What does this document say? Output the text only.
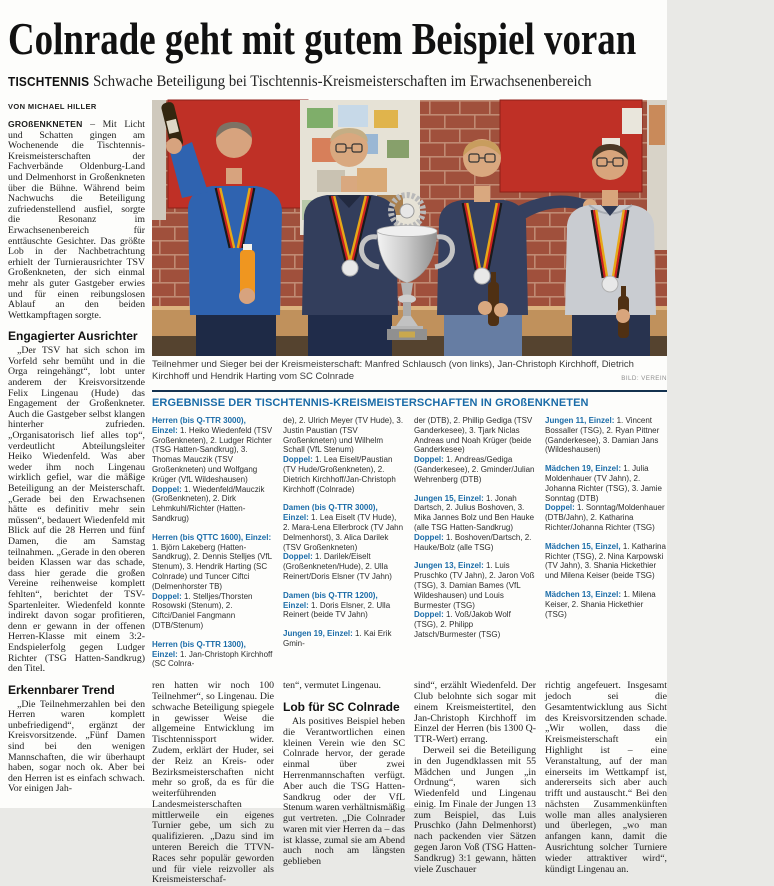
Colnrade geht mit gutem Beispiel voran TISCHTENNIS Schwache Beteiligung bei Tischtennis-Kreismeisterschaften im Erwachsenenbereich
VON MICHAEL HILLER

GROßENKNETEN – Mit Licht und Schatten gingen am Wochenende die Tischtennis-Kreismeisterschaften der Fachverbände Oldenburg-Land und Delmenhorst in Großenkneten über die Bühne. Während beim Nachwuchs die Beteiligung zufriedenstellend ausfiel, sorgte die Resonanz im Erwachsenenbereich für enttäuschte Gesichter. Das größte Lob in der Nachbetrachtung erhielt der Turnierausrichter TSV Großenkneten, der sich einmal mehr als guter Gastgeber erwies und für einen reibungslosen Ablauf an den beiden Wettkampftagen sorgte.

Engagierter Ausrichter

„Der TSV hat sich schon im Vorfeld sehr bemüht und in die Orga reingehängt“, lobt unter anderem der Kreisvorsitzende Felix Lingenau (Hude) das Engagement der Großenkneter. Auch die Gastgeber selbst klangen hinterher zufrieden. „Organisatorisch lief alles top“, verdeutlicht Abteilungsleiter Heiko Wiedenfeld. Was aber weder ihm noch Lingenau wirklich gefiel, war die mäßige Beteiligung an der Meisterschaft. „Gerade bei den Erwachsenen hätte es definitiv mehr sein müssen“, bedauert Wiedenfeld mit Blick auf die 28 Herren und fünf Damen, die am Samstag teilnahmen. „Gerade in den oberen beiden Klassen war das schade, dass hier gerade die großen Vereine reihenweise komplett fehlten“, berichtet der TSV-Spartenleiter. Wiedenfeld konnte indirekt davon sogar profitieren, denn er gewann in der offenen Herren-Klasse mit einem 3:2-Endspielerfolg gegen Ludger Richter (TSG Hatten-Sandkrug) den Titel.

Erkennbarer Trend

„Die Teilnehmerzahlen bei den Herren waren komplett unbefriedigend“, ergänzt der Kreisvorsitzende. „Fünf Damen sind bei den wenigen Mannschaften, die wir überhaupt haben, sogar noch ok. Aber bei den Herren ist es einfach schwach. Vor einigen Jah-

Teilnehmer und Sieger bei der Kreismeisterschaft: Manfred Schlausch (von links), Jan-Christoph Kirchhoff, Dietrich Kirchhoff und Hendrik Harting vom SC Colnrade	BILD: VEREIN
ERGEBNISSE DER TISCHTENNIS-KREISMEISTERSCHAFTEN IN GROßENKNETEN

Herren (bis Q-TTR 3000), Einzel: 1. Heiko Wiedenfeld (TSV Großenkneten), 2. Ludger Richter (TSG Hatten-Sandkrug), 3. Thomas Mauczik (TSV Großenkneten) und Wolfgang Krüger (VfL Wildeshausen)

Doppel: 1. Wiedenfeld/Mauczik (Großenkneten), 2. Dirk Lehmkuhl/Richter (Hatten-Sandkrug)

Herren (bis QTTC 1600), Einzel: 1. Björn Lakeberg (Hatten-Sandkrug), 2. Dennis Stelljes (VfL Stenum), 3. Hendrik Harting (SC Colnrade) und Tuncer Ciftci (Delmenhorster TB)

Doppel: 1. Stelljes/Thorsten Rosowski (Stenum), 2. Ciftci/Daniel Fangmann (DTB/Stenum)

Herren (bis Q-TTR 1300), Einzel: 1. Jan-Christoph Kirchhoff (SC Colnra-

de), 2. Ulrich Meyer (TV Hude), 3. Justin Paustian (TSV Großenkneten) und Wilhelm Schall (VfL Stenum)

Doppel: 1. Lea Eiselt/Paustian (TV Hude/Großenkneten), 2. Dietrich Kirchhoff/Jan-Christoph Kirchhoff (Colnrade)

Damen (bis Q-TTR 3000), Einzel: 1. Lea Eiselt (TV Hude), 2. Mara-Lena Ellerbrock (TV Jahn Delmenhorst), 3. Alica Darilek (TSV Großenkneten)

Doppel: 1. Darilek/Eiselt (Großenkneten/Hude), 2. Ulla Reinert/Doris Elsner (TV Jahn)

Damen (bis Q-TTR 1200), Einzel: 1. Doris Elsner, 2. Ulla Reinert (beide TV Jahn)

Jungen 19, Einzel: 1. Kai Erik Gmin-

der (DTB), 2. Phillip Gediga (TSV Ganderkesee), 3. Tjark Niclas Andreas und Noah Krüger (beide Ganderkesee)

Doppel: 1. Andreas/Gediga (Ganderkesee), 2. Gminder/Julian Wehrenberg (DTB)

Jungen 15, Einzel: 1. Jonah Dartsch, 2. Julius Boshoven, 3. Mika Jannes Bolz und Ben Hauke (alle TSG Hatten-Sandkrug)

Doppel: 1. Boshoven/Dartsch, 2. Hauke/Bolz (alle TSG)

Jungen 13, Einzel: 1. Luis Pruschko (TV Jahn), 2. Jaron Voß (TSG), 3. Damian Bames (VfL Wildeshausen) und Louis Burmester (TSG)

Doppel: 1. Voß/Jakob Wolf (TSG), 2. Philipp Jatsch/Burmester (TSG)

Jungen 11, Einzel: 1. Vincent Bossaller (TSG), 2. Ryan Pittner (Ganderkesee), 3. Damian Jans (Wildeshausen)

Mädchen 19, Einzel: 1. Julia Moldenhauer (TV Jahn), 2. Johanna Richter (TSG), 3. Jamie Sonntag (DTB)

Doppel: 1. Sonntag/Moldenhauer (DTB/Jahn), 2. Katharina Richter/Johanna Richter (TSG)

Mädchen 15, Einzel, 1. Katharina Richter (TSG), 2. Nina Karpowski (TV Jahn), 3. Shania Hickethier und Milena Keiser (beide TSG)

Mädchen 13, Einzel: 1. Milena Keiser, 2. Shania Hickethier (TSG)

ren hatten wir noch 100 Teilnehmer“, so Lingenau. Die schwache Beteiligung spiegele in gewisser Weise die allgemeine Entwicklung im Tischtennissport wider. Zudem, erklärt der Huder, sei der Reiz an Kreis- oder Bezirksmeisterschaften nicht mehr so groß, da es für die weiterführenden Landesmeisterschaften mittlerweile ein eigenes Turnier gebe, um sich zu qualifizieren. „Dazu sind im unteren Bereich die TTVN-Races sehr populär geworden und für viele reizvoller als Kreismeisterschaf-

ten“, vermutet Lingenau.

Lob für SC Colnrade

Als positives Beispiel heben die Verantwortlichen einen kleinen Verein wie den SC Colnrade hervor, der gerade einmal über zwei Herrenmannschaften verfügt. Aber auch die TSG Hatten-Sandkrug oder der VfL Stenum waren verhältnismäßig gut vertreten. „Die Colnrader waren mit vier Herren da – das ist klasse, zumal sie am Abend auch noch am längsten geblieben

sind“, erzählt Wiedenfeld. Der Club belohnte sich sogar mit einem Kreismeistertitel, den Jan-Christoph Kirchhoff im Einzel der Herren (bis 1300 Q-TTR-Wert) errang.

Derweil sei die Beteiligung in den Jugendklassen mit 55 Mädchen und Jungen „in Ordnung“, waren sich Wiedenfeld und Lingenau einig. Im Finale der Jungen 13 zum Beispiel, das Luis Pruschko (Jahn Delmenhorst) nach packenden vier Sätzen gegen Jaron Voß (TSG Hatten-Sandkrug) 3:1 gewann, hätten viele Zuschauer

richtig angefeuert. Insgesamt jedoch sei die Gesamtentwicklung aus Sicht des Kreisvorsitzenden schade. „Wir wollen, dass die Kreismeisterschaft ein Highlight ist – eine Veranstaltung, auf der man einerseits im Wettkampf ist, andererseits sich aber auch trifft und austauscht.“ Bei den nächsten Zusammenkünften wolle man alles analysieren und überlegen, „wo man anfangen kann, damit die Ausrichtung solcher Turniere wieder attraktiver wird“, kündigt Lingenau an.
